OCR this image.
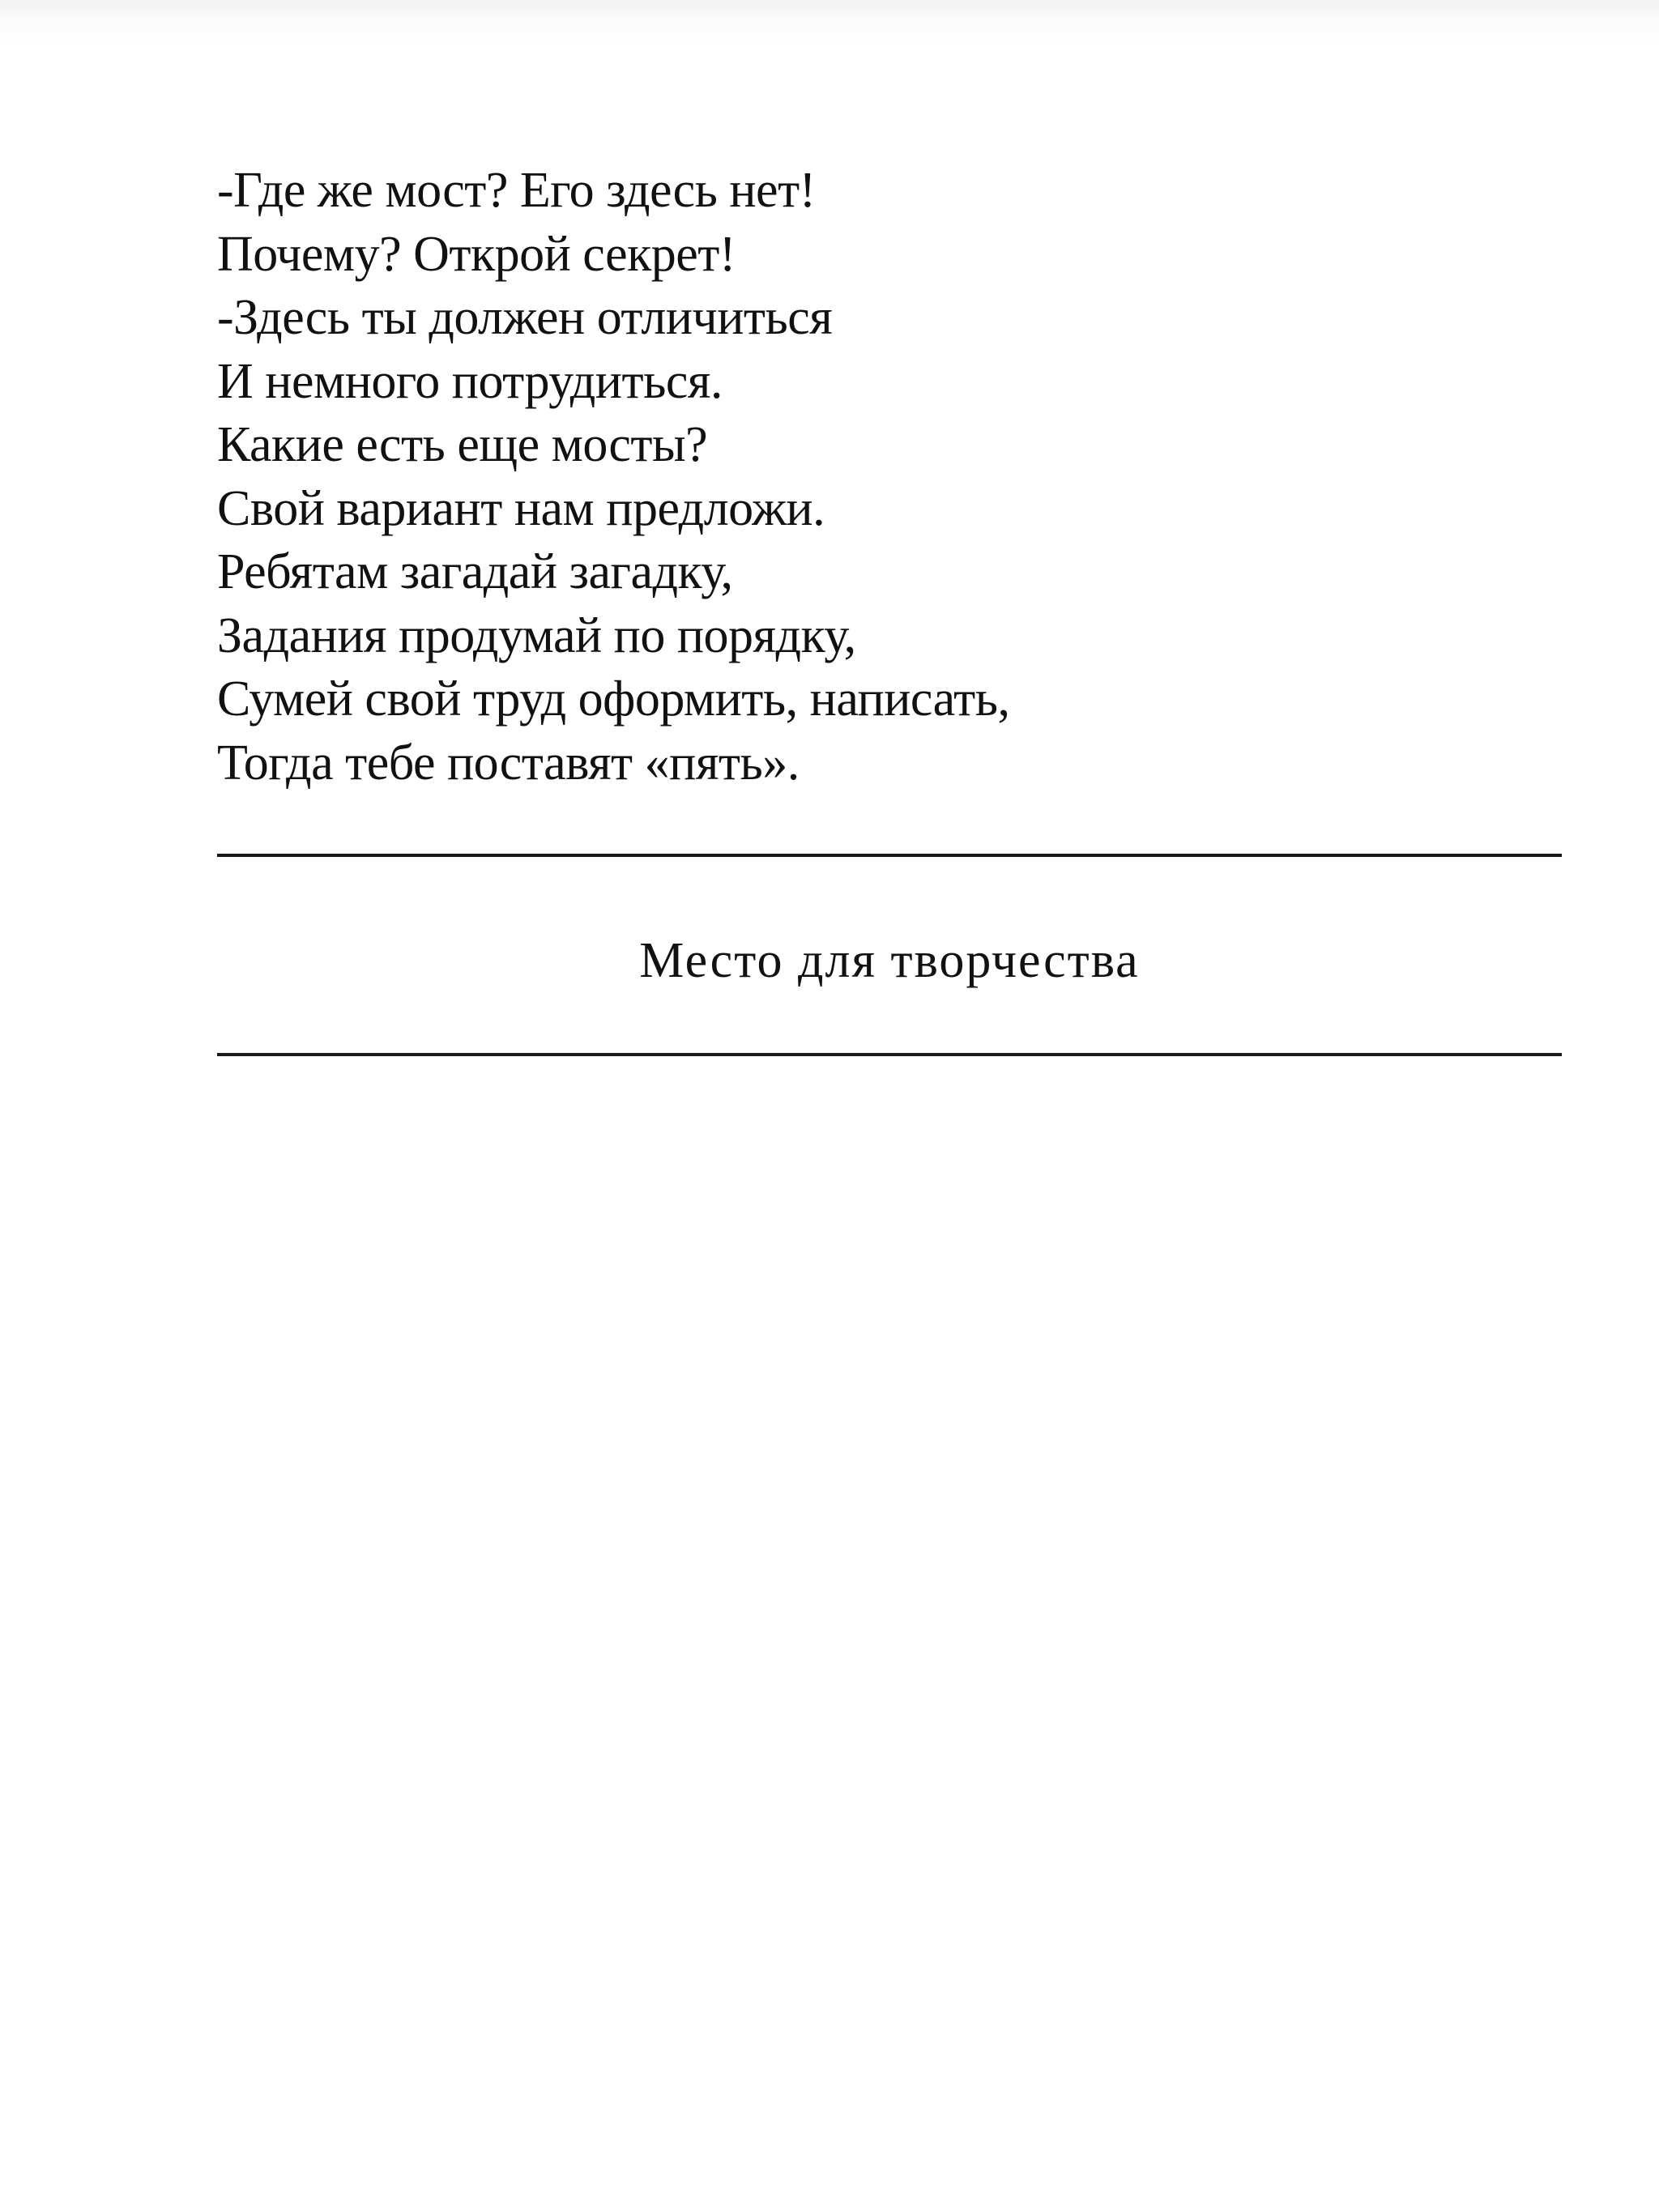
-Где же мост? Его здесь нет!
Почему? Открой секрет!
-Здесь ты должен отличиться
И немного потрудиться.
Какие есть еще мосты?
Свой вариант нам предложи.
Ребятам загадай загадку,
Задания продумай по порядку,
Сумей свой труд оформить, написать,
Тогда тебе поставят «пять».
Место для творчества
